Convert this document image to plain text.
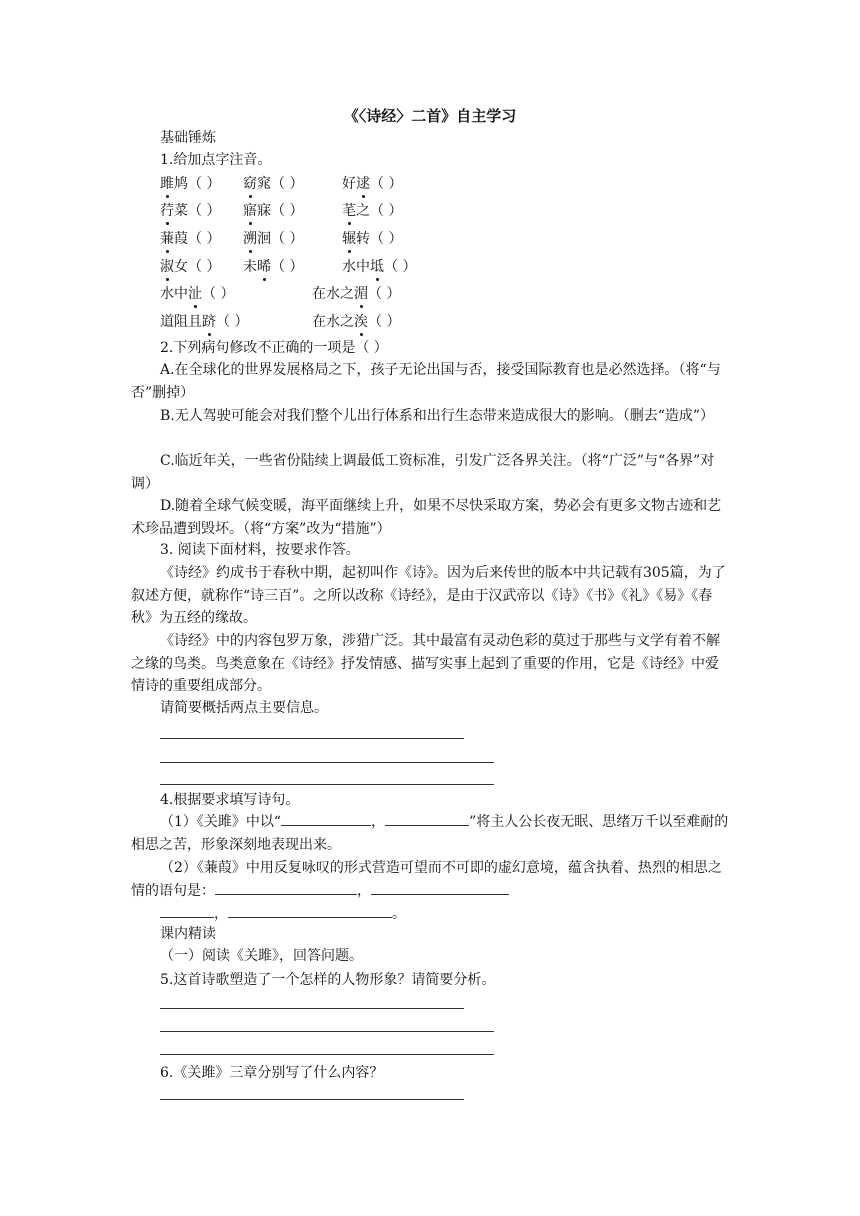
《〈诗经〉二首》自主学习
基础锤炼
1.给加点字注音。
雎鸠（ ） 窈窕（ ）	好逑（ ）
荇菜（ ） 寤寐（ ）	芼之（ ）
蒹葭（ ） 溯洄（ ）	辗转（ ）
淑女（ ） 未晞（ ）	水中坻（ ）
水中沚（ ）	在水之湄（ ）
道阻且跻（ ）	在水之涘（ ）
2.下列病句修改不正确的一项是（ ）
A.在全球化的世界发展格局之下，孩子无论出国与否，接受国际教育也是必然选择。（将“与否”删掉）
B.无人驾驶可能会对我们整个儿出行体系和出行生态带来造成很大的影响。（删去“造成”）
C.临近年关，一些省份陆续上调最低工资标准，引发广泛各界关注。（将“广泛”与“各界”对调）
D.随着全球气候变暖，海平面继续上升，如果不尽快采取方案，势必会有更多文物古迹和艺术珍品遭到毁坏。（将“方案”改为“措施”）
3. 阅读下面材料，按要求作答。
《诗经》约成书于春秋中期，起初叫作《诗》。因为后来传世的版本中共记载有305篇，为了叙述方便，就称作“诗三百”。之所以改称《诗经》，是由于汉武帝以《诗》《书》《礼》《易》《春秋》为五经的缘故。
《诗经》中的内容包罗万象，涉猎广泛。其中最富有灵动色彩的莫过于那些与文学有着不解之缘的鸟类。鸟类意象在《诗经》抒发情感、描写实事上起到了重要的作用，它是《诗经》中爱情诗的重要组成部分。
请简要概括两点主要信息。
4.根据要求填写诗句。
（1）《关雎》中以“	，	”将主人公长夜无眠、思绪万千以至难耐的相思之苦，形象深刻地表现出来。
（2）《蒹葭》中用反复咏叹的形式营造可望而不可即的虚幻意境，蕴含执着、热烈的相思之情的语句是：	，
，	。
课内精读
（一）阅读《关雎》，回答问题。
5.这首诗歌塑造了一个怎样的人物形象？请简要分析。
6.《关雎》三章分别写了什么内容？
